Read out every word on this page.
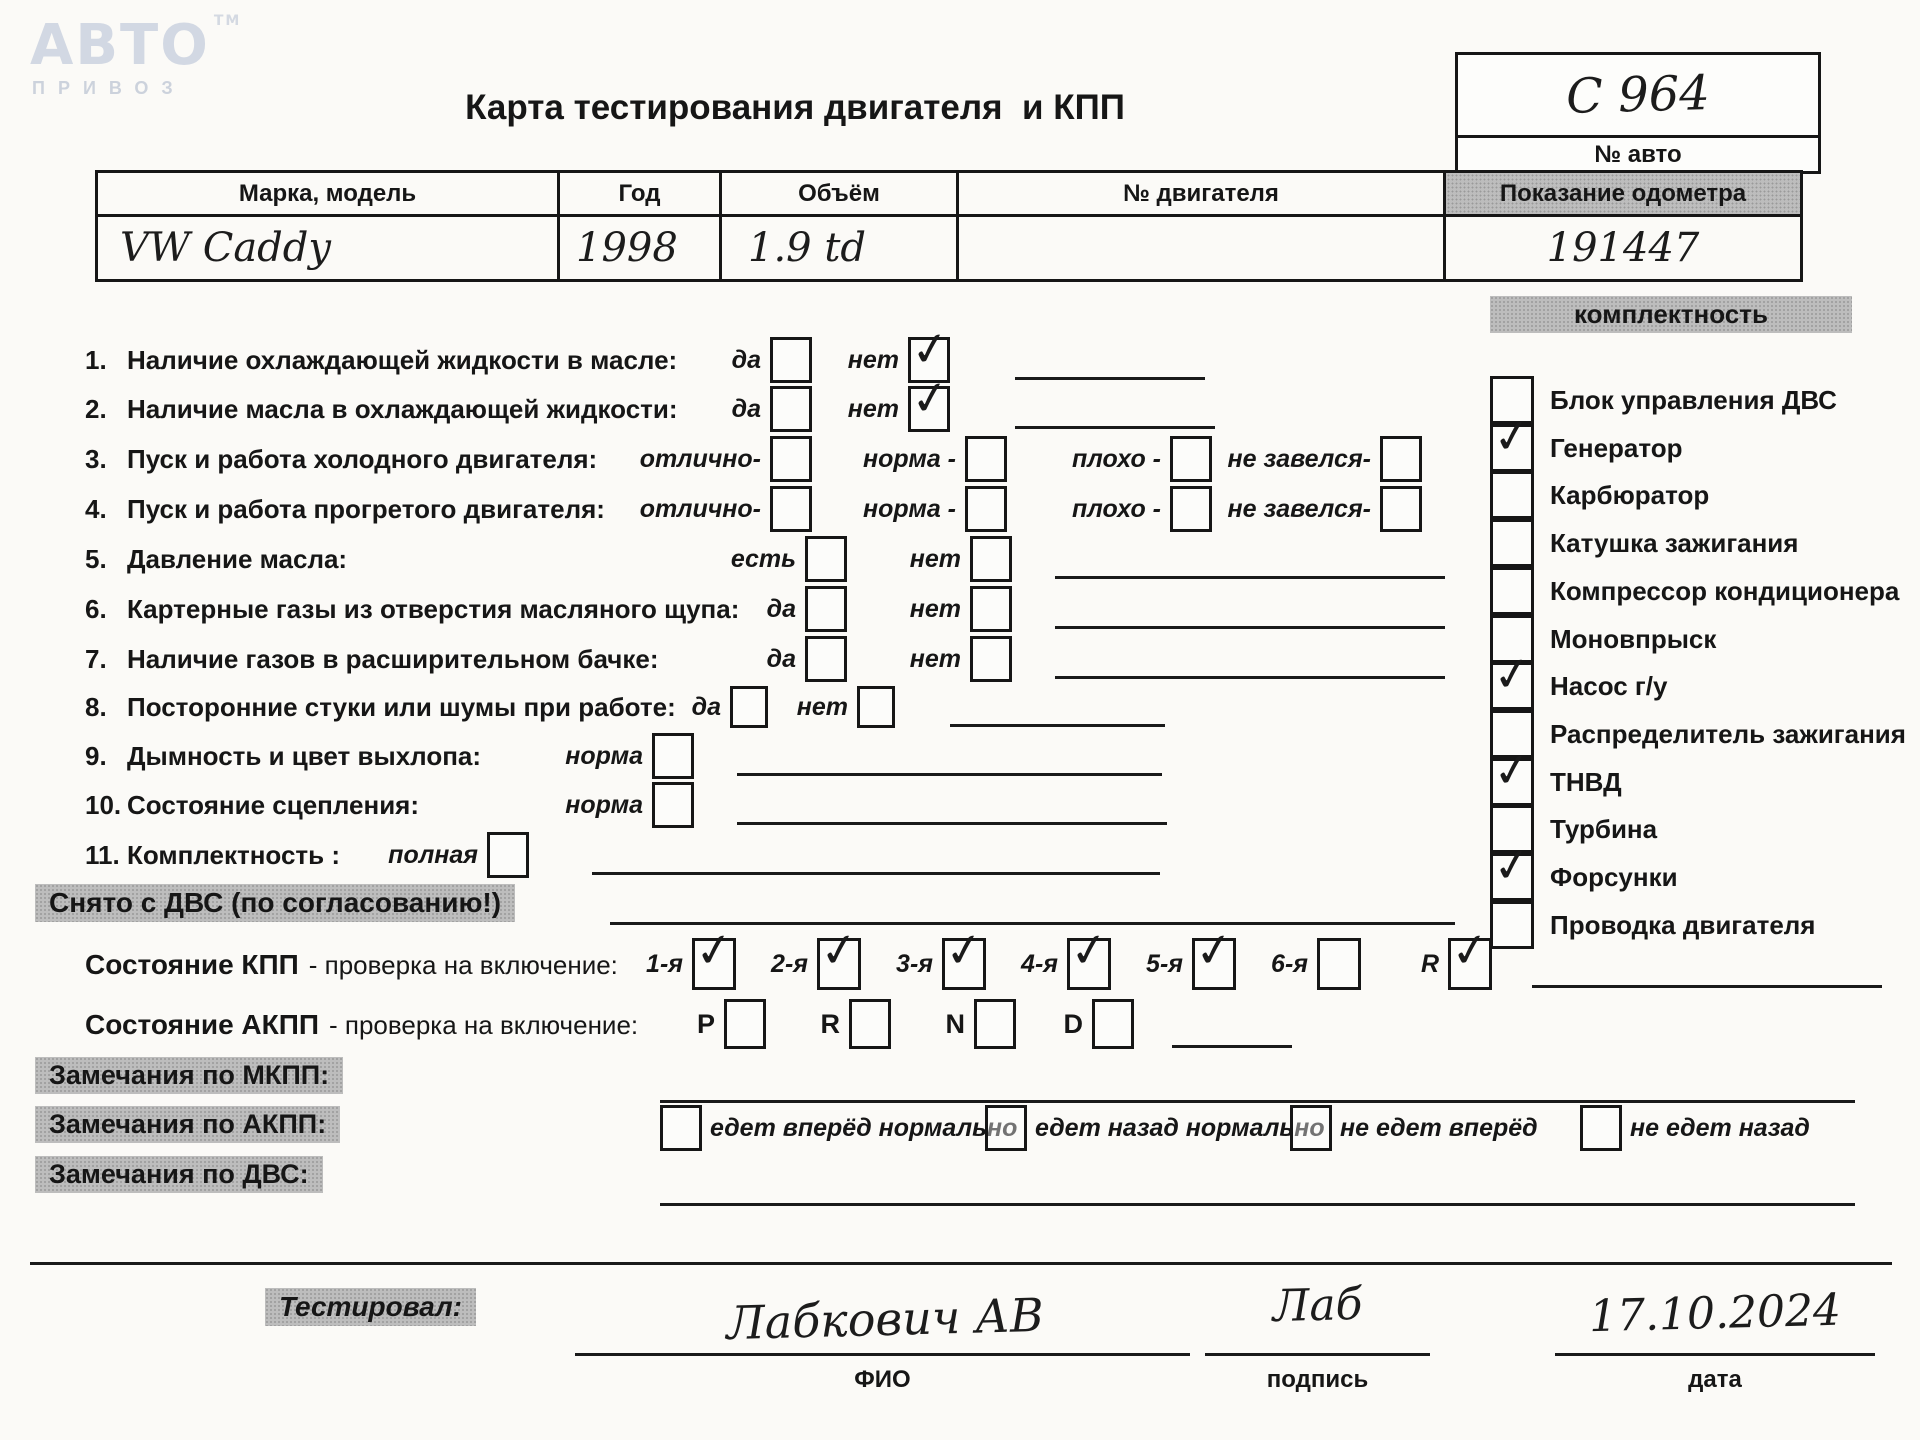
АВТО ™
ПРИВОЗ	Карта тестирования двигателя  и КПП	C 964
№ авто
Марка, модель	Год	Объём	№ двигателя	Показание одометра
VW Caddy	1998	1.9 td		191447
комплектность
Снято с ДВС (по согласованию!)
Состояние КПП - проверка на включение:
Состояние АКПП - проверка на включение:
Замечания по МКПП:
Замечания по АКПП:
Замечания по ДВС:
Тестировал:	Лабкович АВ
ФИО
Лаб
подпись
17.10.2024
дата
1. Наличие охлаждающей жидкости в масле: да	нет ✓
2. Наличие масла в охлаждающей жидкости: да	нет ✓
3. Пуск и работа холодного двигателя: отлично-	норма -	плохо -	не завелся-
4. Пуск и работа прогретого двигателя: отлично-	норма -	плохо -	не завелся-
5. Давление масла:	есть	нет
6. Картерные газы из отверстия масляного щупа: да	нет
7. Наличие газов в расширительном бачке:	да	нет
8. Посторонние стуки или шумы при работе: да	нет
9. Дымность и цвет выхлопа:	норма
10. Состояние сцепления:	норма
11. Комплектность : полная
1-я ✓ 2-я ✓ 3-я ✓ 4-я ✓ 5-я ✓ 6-я	R ✓
P	R	N	D
Блок управления ДВС
✓ Генератор
Карбюратор
Катушка зажигания
Компрессор кондиционера
Моновпрыск
✓ Насос г/у
Распределитель зажигания
✓ ТНВД
Турбина
✓ Форсунки
Проводка двигателя
едет вперёд нормально едет назад нормально не едет вперёд	не едет назад
